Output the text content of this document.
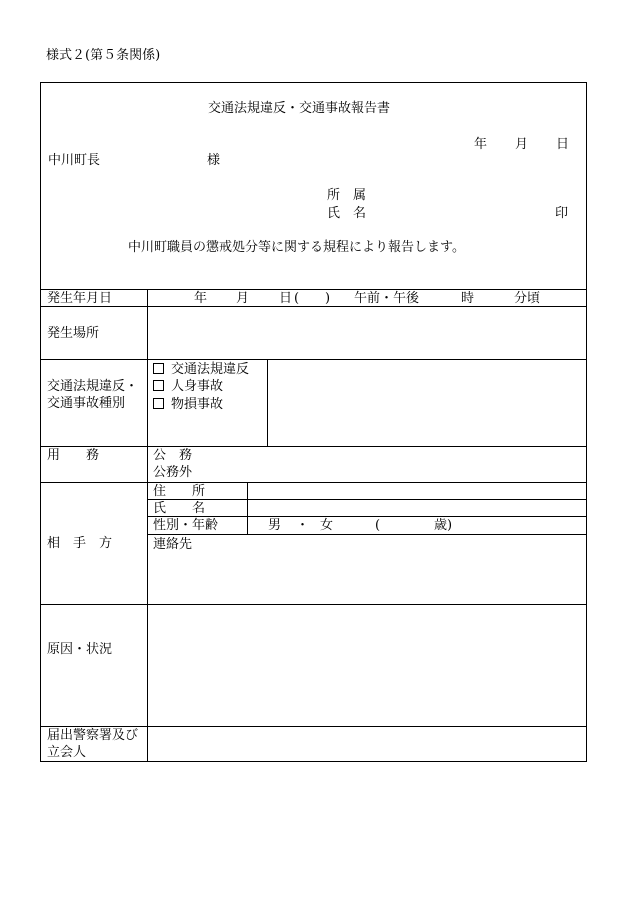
様式２(第５条関係)
交通法規違反・交通事故報告書
年 月 日
中川町長	様
所　属
氏　名	印
中川町職員の懲戒処分等に関する規程により報告します。
発生年月日	年 月 日 ( ) 午前・午後	時	分頃
発生場所
交通法規違反・
交通事故種別
交通法規違反
人身事故
物損事故
用　　務	公　務
公務外
相　手　方
住　　所
氏　　名
性別・年齢	男 ・ 女	(	歳)
連絡先
原因・状況
届出警察署及び
立会人
